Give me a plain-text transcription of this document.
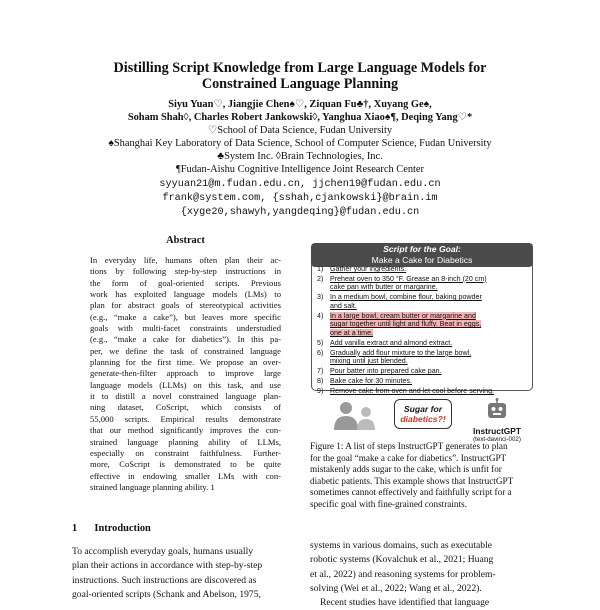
Distilling Script Knowledge from Large Language Models for
Constrained Language Planning
Siyu Yuan♡, Jiangjie Chen♠♡, Ziquan Fu♣†, Xuyang Ge♠,
Soham Shah◊, Charles Robert Jankowski◊, Yanghua Xiao♠¶, Deqing Yang♡*
♡School of Data Science, Fudan University
♠Shanghai Key Laboratory of Data Science, School of Computer Science, Fudan University
♣System Inc. ◊Brain Technologies, Inc.
¶Fudan-Aishu Cognitive Intelligence Joint Research Center
syyuan21@m.fudan.edu.cn, jjchen19@fudan.edu.cn
frank@system.com, {sshah,cjankowski}@brain.im
{xyge20,shawyh,yangdeqing}@fudan.edu.cn
Abstract
In everyday life, humans often plan their ac-
tions by following step-by-step instructions in
the form of goal-oriented scripts. Previous
work has exploited language models (LMs) to
plan for abstract goals of stereotypical activities
(e.g., “make a cake”), but leaves more specific
goals with multi-facet constraints understudied
(e.g., “make a cake for diabetics”). In this pa-
per, we define the task of constrained language
planning for the first time. We propose an over-
generate-then-filter approach to improve large
language models (LLMs) on this task, and use
it to distill a novel constrained language plan-
ning dataset, CoScript, which consists of
55,000 scripts. Empirical results demonstrate
that our method significantly improves the con-
strained language planning ability of LLMs,
especially on constraint faithfulness. Further-
more, CoScript is demonstrated to be quite
effective in endowing smaller LMs with con-
strained language planning ability. 1
1 Introduction
To accomplish everyday goals, humans usually
plan their actions in accordance with step-by-step
instructions. Such instructions are discovered as
goal-oriented scripts (Schank and Abelson, 1975,
systems in various domains, such as executable
robotic systems (Kovalchuk et al., 2021; Huang
et al., 2022) and reasoning systems for problem-
solving (Wei et al., 2022; Wang et al., 2022).
Recent studies have identified that language
Script for the Goal:
Make a Cake for Diabetics
1) Gather your ingredients.
2) Preheat oven to 350 °F. Grease an 8-inch (20 cm)
cake pan with butter or margarine.
3) In a medium bowl, combine flour, baking powder
and salt.
4) In a large bowl, cream butter or margarine and
sugar together until light and fluffy. Beat in eggs,
one at a time.
5) Add vanilla extract and almond extract.
6) Gradually add flour mixture to the large bowl,
mixing until just blended.
7) Pour batter into prepared cake pan.
8) Bake cake for 30 minutes.
9) Remove cake from oven and let cool before serving.
Sugar for
diabetics?!
InstructGPT
(text-davinci-002)
Figure 1: A list of steps InstructGPT generates to plan
for the goal “make a cake for diabetics”. InstructGPT
mistakenly adds sugar to the cake, which is unfit for
diabetic patients. This example shows that InstructGPT
sometimes cannot effectively and faithfully script for a
specific goal with fine-grained constraints.
